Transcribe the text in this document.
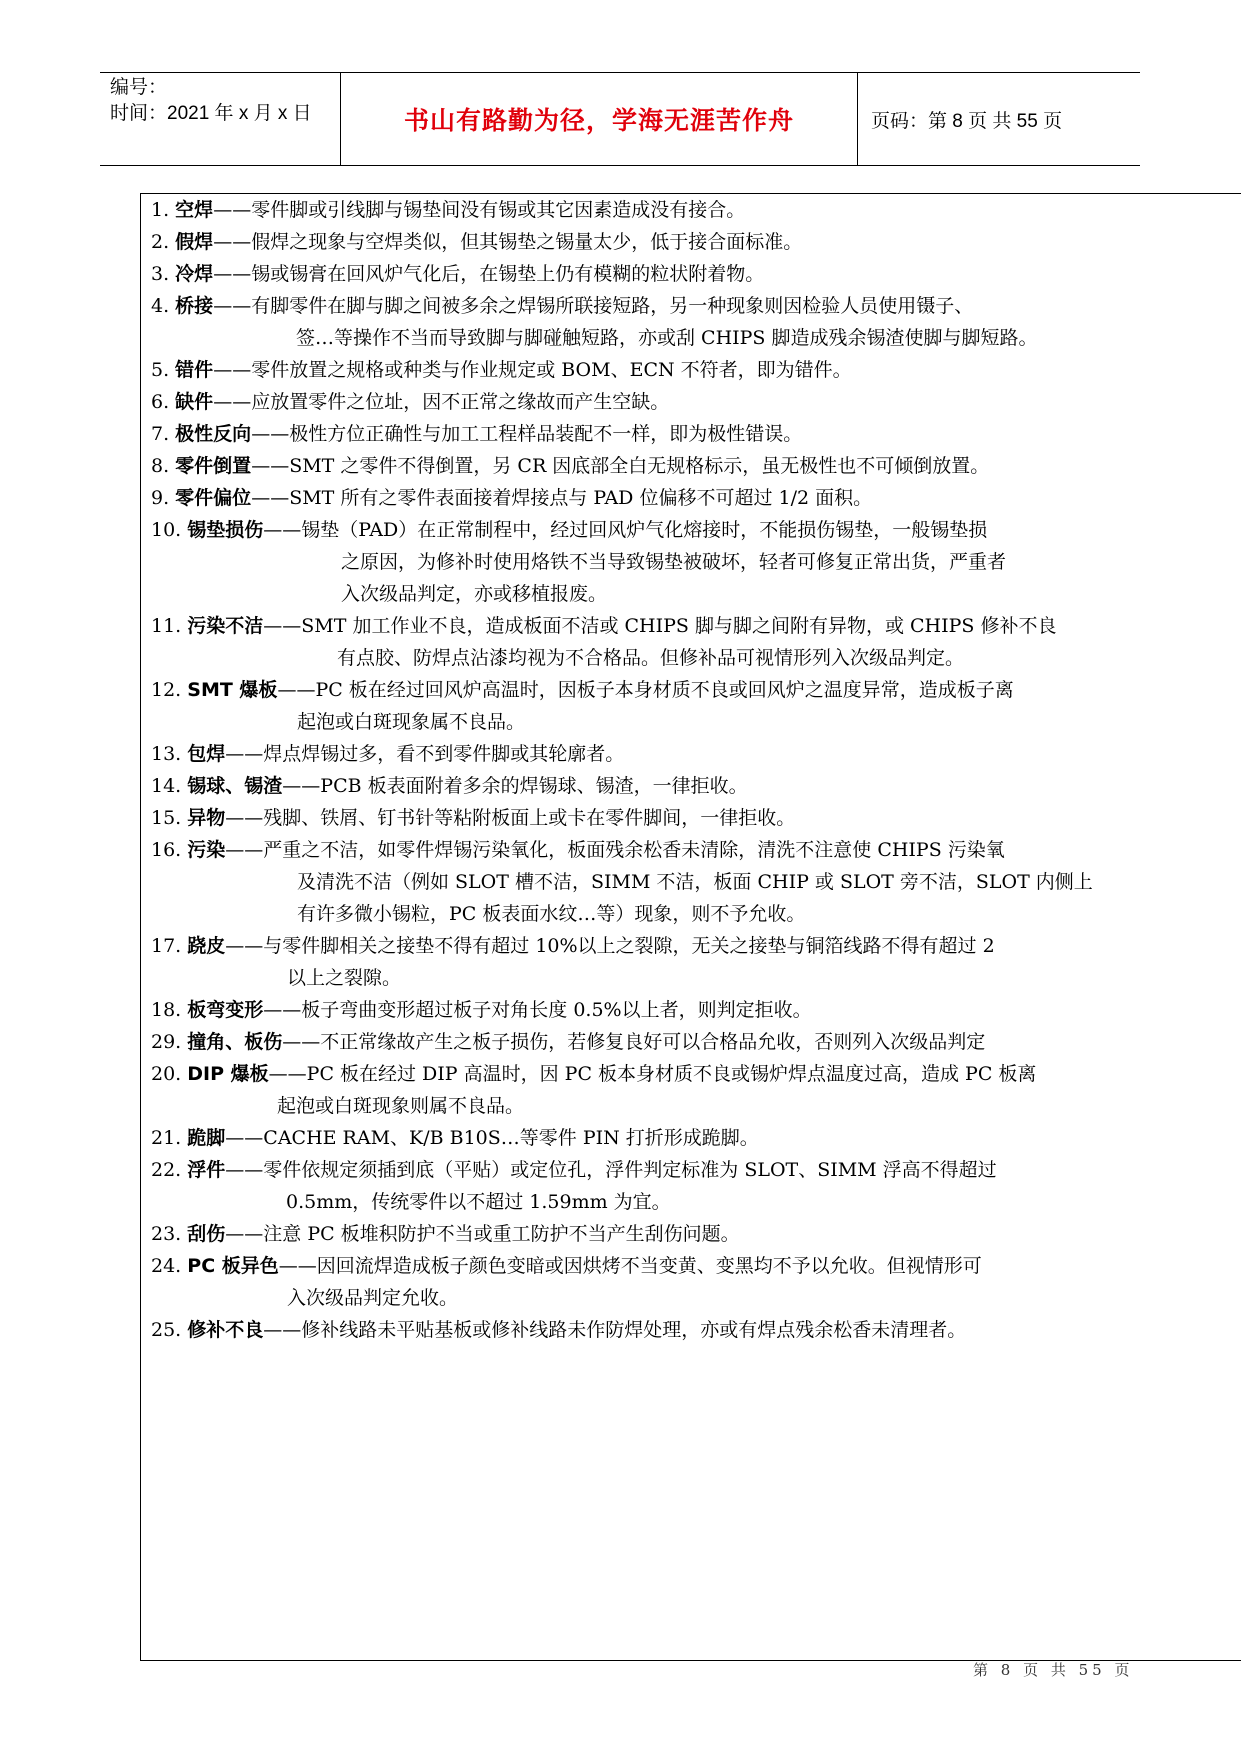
编号：
时间：2021 年 x 月 x 日	书山有路勤为径，学海无涯苦作舟	页码：第 8 页 共 55 页
1. 空焊——零件脚或引线脚与锡垫间没有锡或其它因素造成没有接合。
2. 假焊——假焊之现象与空焊类似，但其锡垫之锡量太少，低于接合面标准。
3. 冷焊——锡或锡膏在回风炉气化后，在锡垫上仍有模糊的粒状附着物。
4. 桥接——有脚零件在脚与脚之间被多余之焊锡所联接短路，另一种现象则因检验人员使用镊子、
签…等操作不当而导致脚与脚碰触短路，亦或刮 CHIPS 脚造成残余锡渣使脚与脚短路。
5. 错件——零件放置之规格或种类与作业规定或 BOM、ECN 不符者，即为错件。
6. 缺件——应放置零件之位址，因不正常之缘故而产生空缺。
7. 极性反向——极性方位正确性与加工工程样品装配不一样，即为极性错误。
8. 零件倒置——SMT 之零件不得倒置，另 CR 因底部全白无规格标示，虽无极性也不可倾倒放置。
9. 零件偏位——SMT 所有之零件表面接着焊接点与 PAD 位偏移不可超过 1/2 面积。
10. 锡垫损伤——锡垫（PAD）在正常制程中，经过回风炉气化熔接时，不能损伤锡垫，一般锡垫损
之原因，为修补时使用烙铁不当导致锡垫被破坏，轻者可修复正常出货，严重者
入次级品判定，亦或移植报废。
11. 污染不洁——SMT 加工作业不良，造成板面不洁或 CHIPS 脚与脚之间附有异物，或 CHIPS 修补不良
有点胶、防焊点沾漆均视为不合格品。但修补品可视情形列入次级品判定。
12. SMT 爆板——PC 板在经过回风炉高温时，因板子本身材质不良或回风炉之温度异常，造成板子离
起泡或白斑现象属不良品。
13. 包焊——焊点焊锡过多，看不到零件脚或其轮廓者。
14. 锡球、锡渣——PCB 板表面附着多余的焊锡球、锡渣，一律拒收。
15. 异物——残脚、铁屑、钉书针等粘附板面上或卡在零件脚间，一律拒收。
16. 污染——严重之不洁，如零件焊锡污染氧化，板面残余松香未清除，清洗不注意使 CHIPS 污染氧
及清洗不洁（例如 SLOT 槽不洁，SIMM 不洁，板面 CHIP 或 SLOT 旁不洁，SLOT 内侧上
有许多微小锡粒，PC 板表面水纹…等）现象，则不予允收。
17. 跷皮——与零件脚相关之接垫不得有超过 10%以上之裂隙，无关之接垫与铜箔线路不得有超过 2
以上之裂隙。
18. 板弯变形——板子弯曲变形超过板子对角长度 0.5%以上者，则判定拒收。
29. 撞角、板伤——不正常缘故产生之板子损伤，若修复良好可以合格品允收，否则列入次级品判定
20. DIP 爆板——PC 板在经过 DIP 高温时，因 PC 板本身材质不良或锡炉焊点温度过高，造成 PC 板离
起泡或白斑现象则属不良品。
21. 跪脚——CACHE RAM、K/B B10S…等零件 PIN 打折形成跪脚。
22. 浮件——零件依规定须插到底（平贴）或定位孔，浮件判定标准为 SLOT、SIMM 浮高不得超过
0.5mm，传统零件以不超过 1.59mm 为宜。
23. 刮伤——注意 PC 板堆积防护不当或重工防护不当产生刮伤问题。
24. PC 板异色——因回流焊造成板子颜色变暗或因烘烤不当变黄、变黑均不予以允收。但视情形可
入次级品判定允收。
25. 修补不良——修补线路未平贴基板或修补线路未作防焊处理，亦或有焊点残余松香未清理者。
第 8 页 共 55 页
